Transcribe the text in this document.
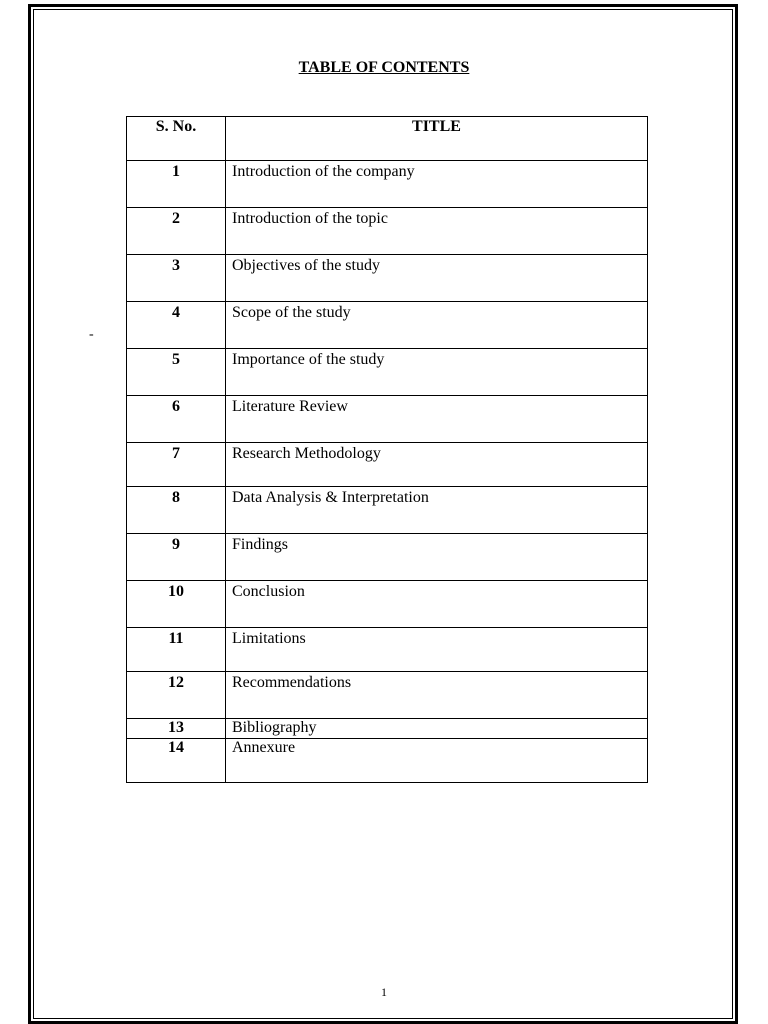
TABLE OF CONTENTS
-
S. No.	TITLE
1	Introduction of the company
2	Introduction of the topic
3	Objectives of the study
4	Scope of the study
5	Importance of the study
6	Literature Review
7	Research Methodology
8	Data Analysis & Interpretation
9	Findings
10	Conclusion
11	Limitations
12	Recommendations
13	Bibliography
14	Annexure
1
